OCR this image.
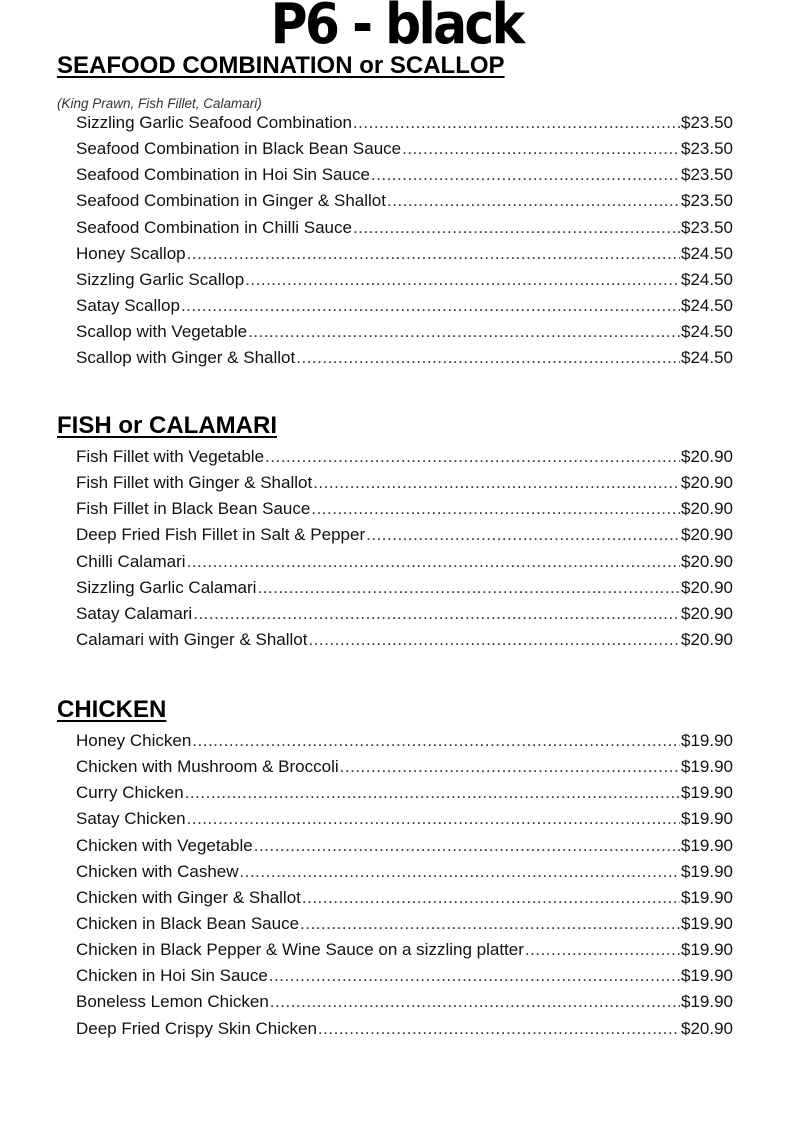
P6 - black
SEAFOOD COMBINATION or SCALLOP

(King Prawn, Fish Fillet, Calamari)

Sizzling Garlic Seafood Combination .....	$23.50
Seafood Combination in Black Bean Sauce .....	$23.50
Seafood Combination in Hoi Sin Sauce .....	$23.50
Seafood Combination in Ginger & Shallot .....	$23.50
Seafood Combination in Chilli Sauce .....	$23.50
Honey Scallop .....	$24.50
Sizzling Garlic Scallop .....	$24.50
Satay Scallop .....	$24.50
Scallop with Vegetable .....	$24.50
Scallop with Ginger & Shallot .....	$24.50
FISH or CALAMARI
Fish Fillet with Vegetable .....	$20.90
Fish Fillet with Ginger & Shallot .....	$20.90
Fish Fillet in Black Bean Sauce .....	$20.90
Deep Fried Fish Fillet in Salt & Pepper .....	$20.90
Chilli Calamari .....	$20.90
Sizzling Garlic Calamari .....	$20.90
Satay Calamari .....	$20.90
Calamari with Ginger & Shallot .....	$20.90
CHICKEN
Honey Chicken .....	$19.90
Chicken with Mushroom & Broccoli .....	$19.90
Curry Chicken .....	$19.90
Satay Chicken .....	$19.90
Chicken with Vegetable .....	$19.90
Chicken with Cashew .....	$19.90
Chicken with Ginger & Shallot .....	$19.90
Chicken in Black Bean Sauce .....	$19.90
Chicken in Black Pepper & Wine Sauce on a sizzling platter .....	$19.90
Chicken in Hoi Sin Sauce .....	$19.90
Boneless Lemon Chicken .....	$19.90
Deep Fried Crispy Skin Chicken .....	$20.90
